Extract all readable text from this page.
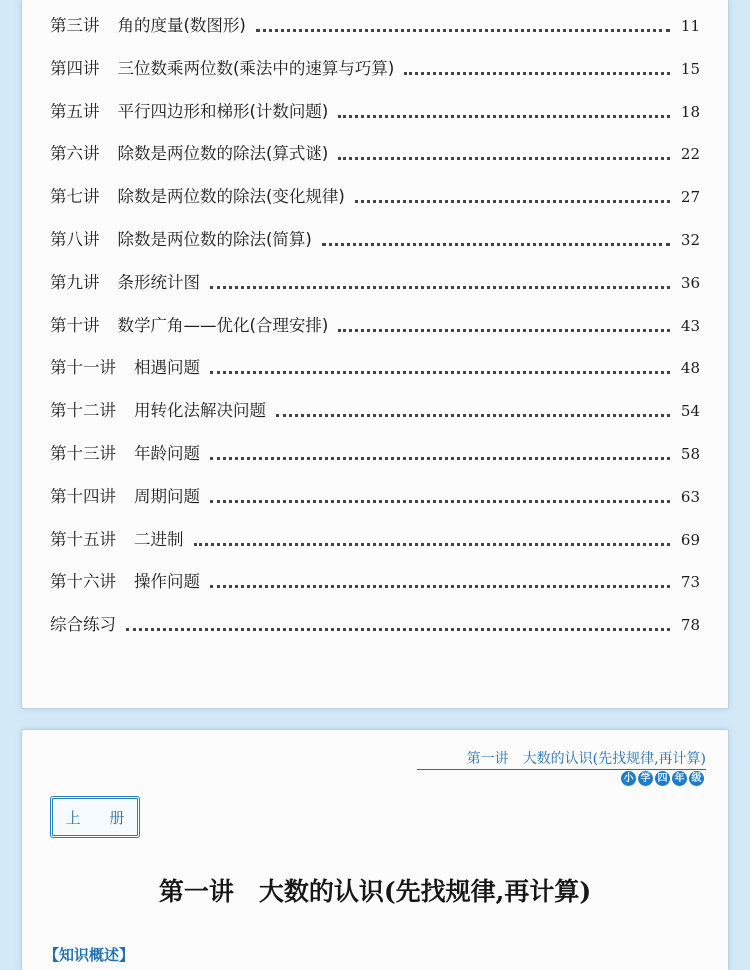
第三讲 角的度量(数图形)	11
第四讲 三位数乘两位数(乘法中的速算与巧算)	15
第五讲 平行四边形和梯形(计数问题)	18
第六讲 除数是两位数的除法(算式谜)	22
第七讲 除数是两位数的除法(变化规律)	27
第八讲 除数是两位数的除法(简算)	32
第九讲 条形统计图	36
第十讲 数学广角——优化(合理安排)	43
第十一讲 相遇问题	48
第十二讲 用转化法解决问题	54
第十三讲 年龄问题	58
第十四讲 周期问题	63
第十五讲 二进制	69
第十六讲 操作问题	73
综合练习	78
第一讲　大数的认识(先找规律,再计算)
小 学 四 年 级
上 册
第一讲　大数的认识(先找规律,再计算)
【知识概述】
